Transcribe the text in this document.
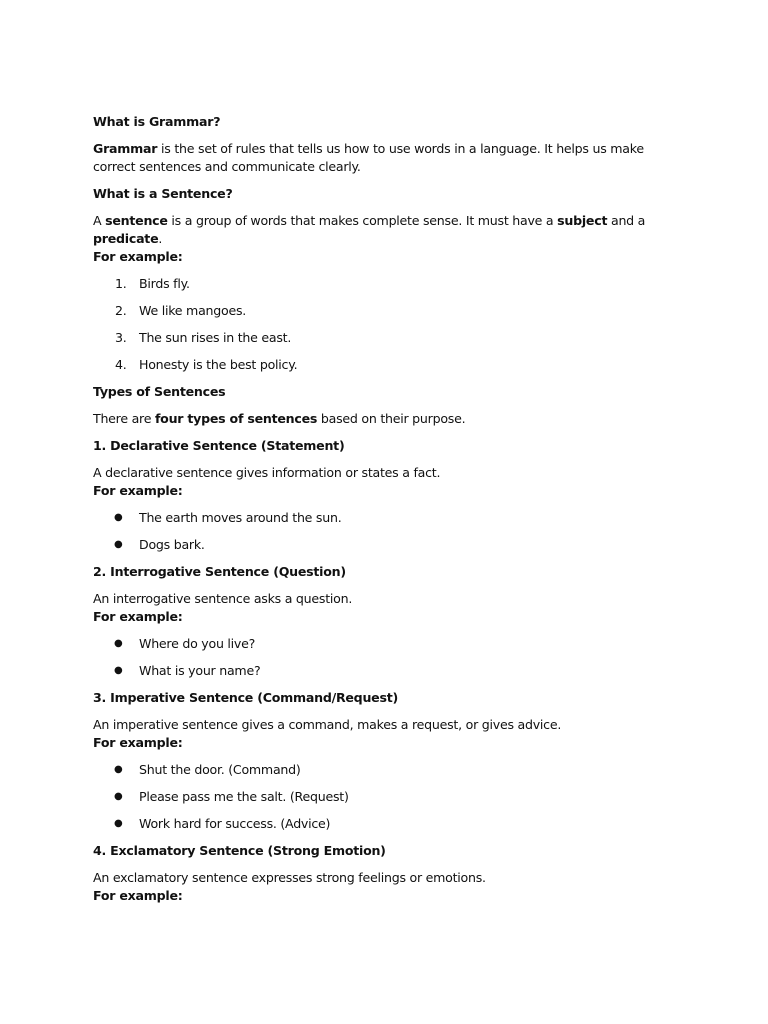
What is Grammar?

Grammar is the set of rules that tells us how to use words in a language. It helps us make correct sentences and communicate clearly.

What is a Sentence?

A sentence is a group of words that makes complete sense. It must have a subject and a predicate.

For example:

1. Birds fly.
2. We like mangoes.
3. The sun rises in the east.
4. Honesty is the best policy.

Types of Sentences

There are four types of sentences based on their purpose.

1. Declarative Sentence (Statement)

A declarative sentence gives information or states a fact.

For example:

● The earth moves around the sun.
● Dogs bark.

2. Interrogative Sentence (Question)

An interrogative sentence asks a question.

For example:

● Where do you live?
● What is your name?

3. Imperative Sentence (Command/Request)

An imperative sentence gives a command, makes a request, or gives advice.

For example:

● Shut the door. (Command)
● Please pass me the salt. (Request)
● Work hard for success. (Advice)

4. Exclamatory Sentence (Strong Emotion)

An exclamatory sentence expresses strong feelings or emotions.

For example:
